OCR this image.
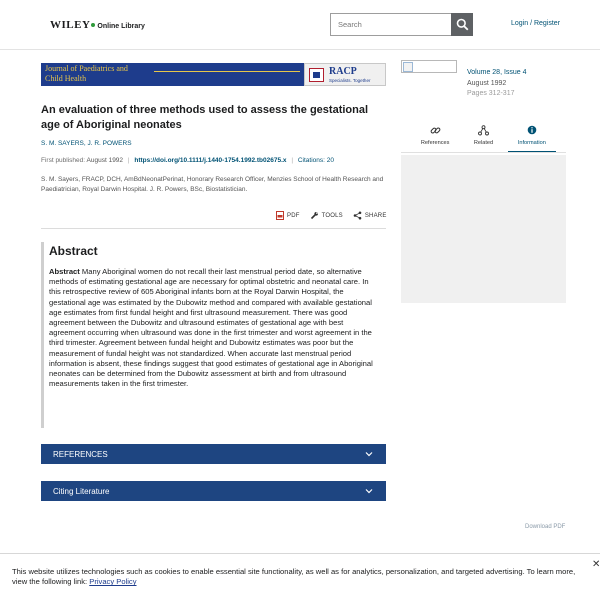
WILEY Online Library
Search	Login / Register
Journal of Paediatrics and
Child Health
RACP
Specialists. Together
An evaluation of three methods used to assess the gestational age of Aboriginal neonates
S. M. SAYERS, J. R. POWERS
First published: August 1992 | https://doi.org/10.1111/j.1440-1754.1992.tb02675.x | Citations: 20
S. M. Sayers, FRACP, DCH, AmBdNeonatPerinat, Honorary Research Officer, Menzies School of Health Research and Paediatrician, Royal Darwin Hospital. J. R. Powers, BSc, Biostatistician.
PDF	TOOLS	SHARE
Abstract

Abstract Many Aboriginal women do not recall their last menstrual period date, so alternative methods of estimating gestational age are necessary for optimal obstetric and neonatal care. In this retrospective review of 605 Aboriginal infants born at the Royal Darwin Hospital, the gestational age was estimated by the Dubowitz method and compared with available gestational age estimates from first fundal height and first ultrasound measurement. There was good agreement between the Dubowitz and ultrasound estimates of gestational age with best agreement occurring when ultrasound was done in the first trimester and worst agreement in the third trimester. Agreement between fundal height and Dubowitz estimates was poor but the measurement of fundal height was not standardized. When accurate last menstrual period information is absent, these findings suggest that good estimates of gestational age in Aboriginal neonates can be determined from the Dubowitz assessment at birth and from ultrasound measurements taken in the first trimester.

REFERENCES
Citing Literature
Download PDF
Volume 28, Issue 4
August 1992
Pages 312-317
References	Related	Information
This website utilizes technologies such as cookies to enable essential site functionality, as well as for analytics, personalization, and targeted advertising. To learn more, view the following link: Privacy Policy
✕
